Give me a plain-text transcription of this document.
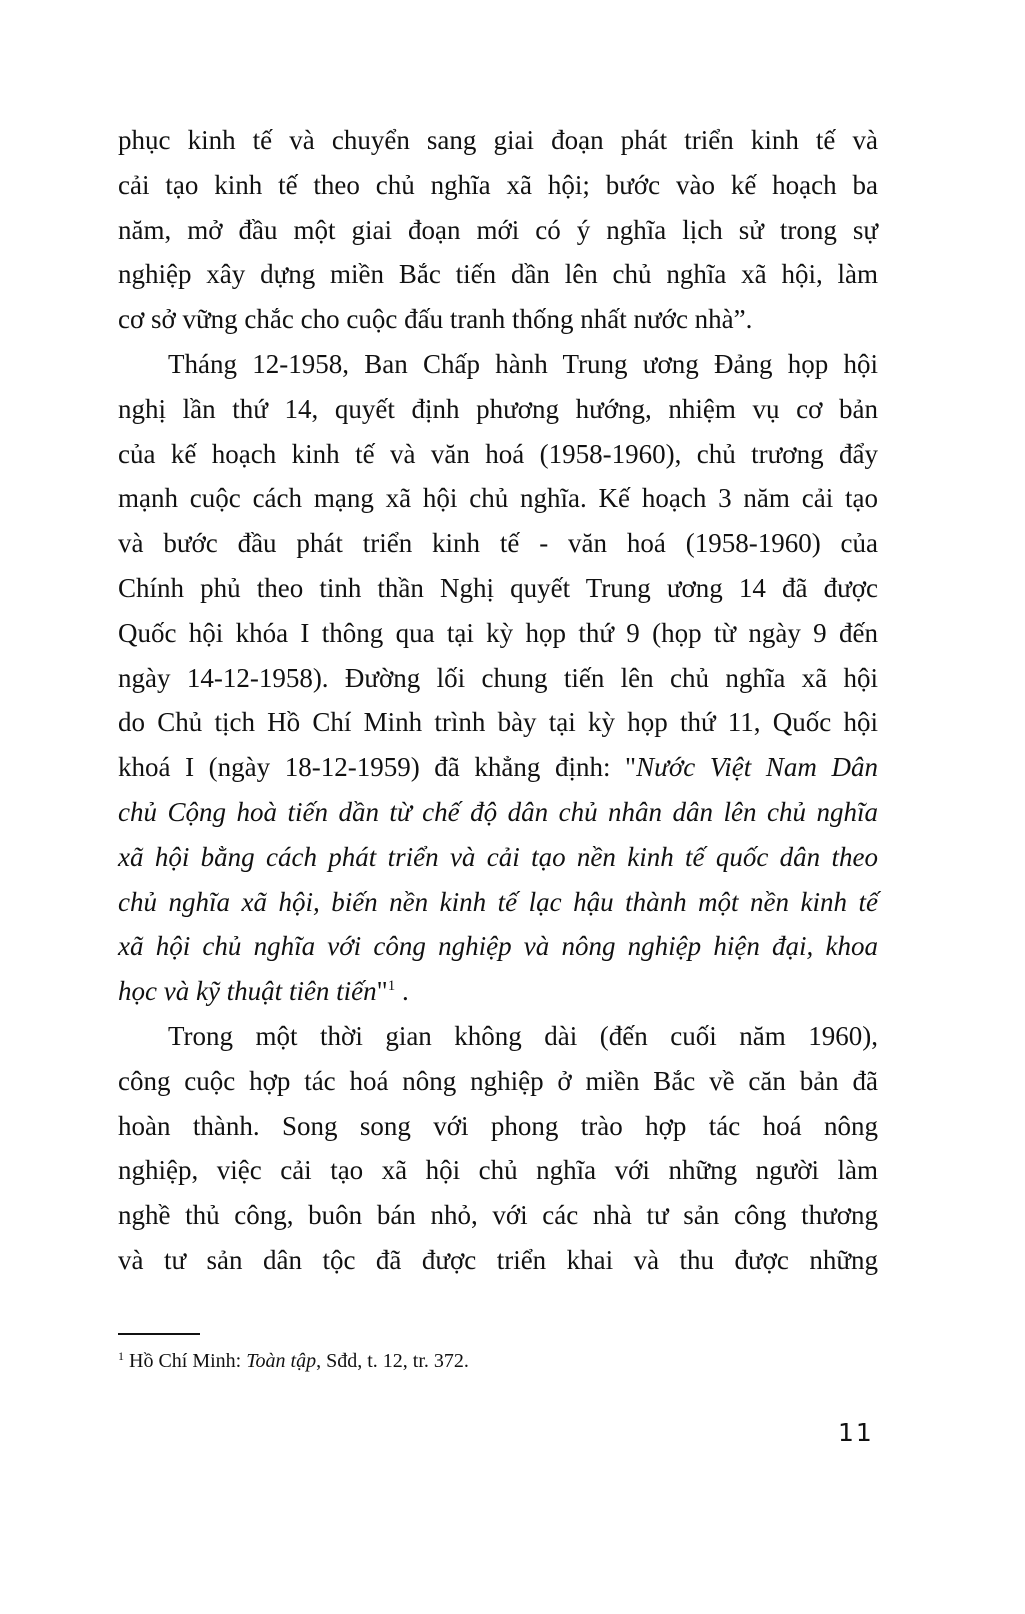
phục kinh tế và chuyển sang giai đoạn phát triển kinh tế và
cải tạo kinh tế theo chủ nghĩa xã hội; bước vào kế hoạch ba
năm, mở đầu một giai đoạn mới có ý nghĩa lịch sử trong sự
nghiệp xây dựng miền Bắc tiến dần lên chủ nghĩa xã hội, làm
cơ sở vững chắc cho cuộc đấu tranh thống nhất nước nhà”.

Tháng 12-1958, Ban Chấp hành Trung ương Đảng họp hội
nghị lần thứ 14, quyết định phương hướng, nhiệm vụ cơ bản
của kế hoạch kinh tế và văn hoá (1958-1960), chủ trương đẩy
mạnh cuộc cách mạng xã hội chủ nghĩa. Kế hoạch 3 năm cải tạo
và bước đầu phát triển kinh tế - văn hoá (1958-1960) của
Chính phủ theo tinh thần Nghị quyết Trung ương 14 đã được
Quốc hội khóa I thông qua tại kỳ họp thứ 9 (họp từ ngày 9 đến
ngày 14-12-1958). Đường lối chung tiến lên chủ nghĩa xã hội
do Chủ tịch Hồ Chí Minh trình bày tại kỳ họp thứ 11, Quốc hội
khoá I (ngày 18-12-1959) đã khẳng định: "Nước Việt Nam Dân
chủ Cộng hoà tiến dần từ chế độ dân chủ nhân dân lên chủ nghĩa
xã hội bằng cách phát triển và cải tạo nền kinh tế quốc dân theo
chủ nghĩa xã hội, biến nền kinh tế lạc hậu thành một nền kinh tế
xã hội chủ nghĩa với công nghiệp và nông nghiệp hiện đại, khoa
học và kỹ thuật tiên tiến"$^1$ .

Trong một thời gian không dài (đến cuối năm 1960),
công cuộc hợp tác hoá nông nghiệp ở miền Bắc về căn bản đã
hoàn thành. Song song với phong trào hợp tác hoá nông
nghiệp, việc cải tạo xã hội chủ nghĩa với những người làm
nghề thủ công, buôn bán nhỏ, với các nhà tư sản công thương
và tư sản dân tộc đã được triển khai và thu được những

$^1$ Hồ Chí Minh: Toàn tập, Sđd, t. 12, tr. 372.
11
